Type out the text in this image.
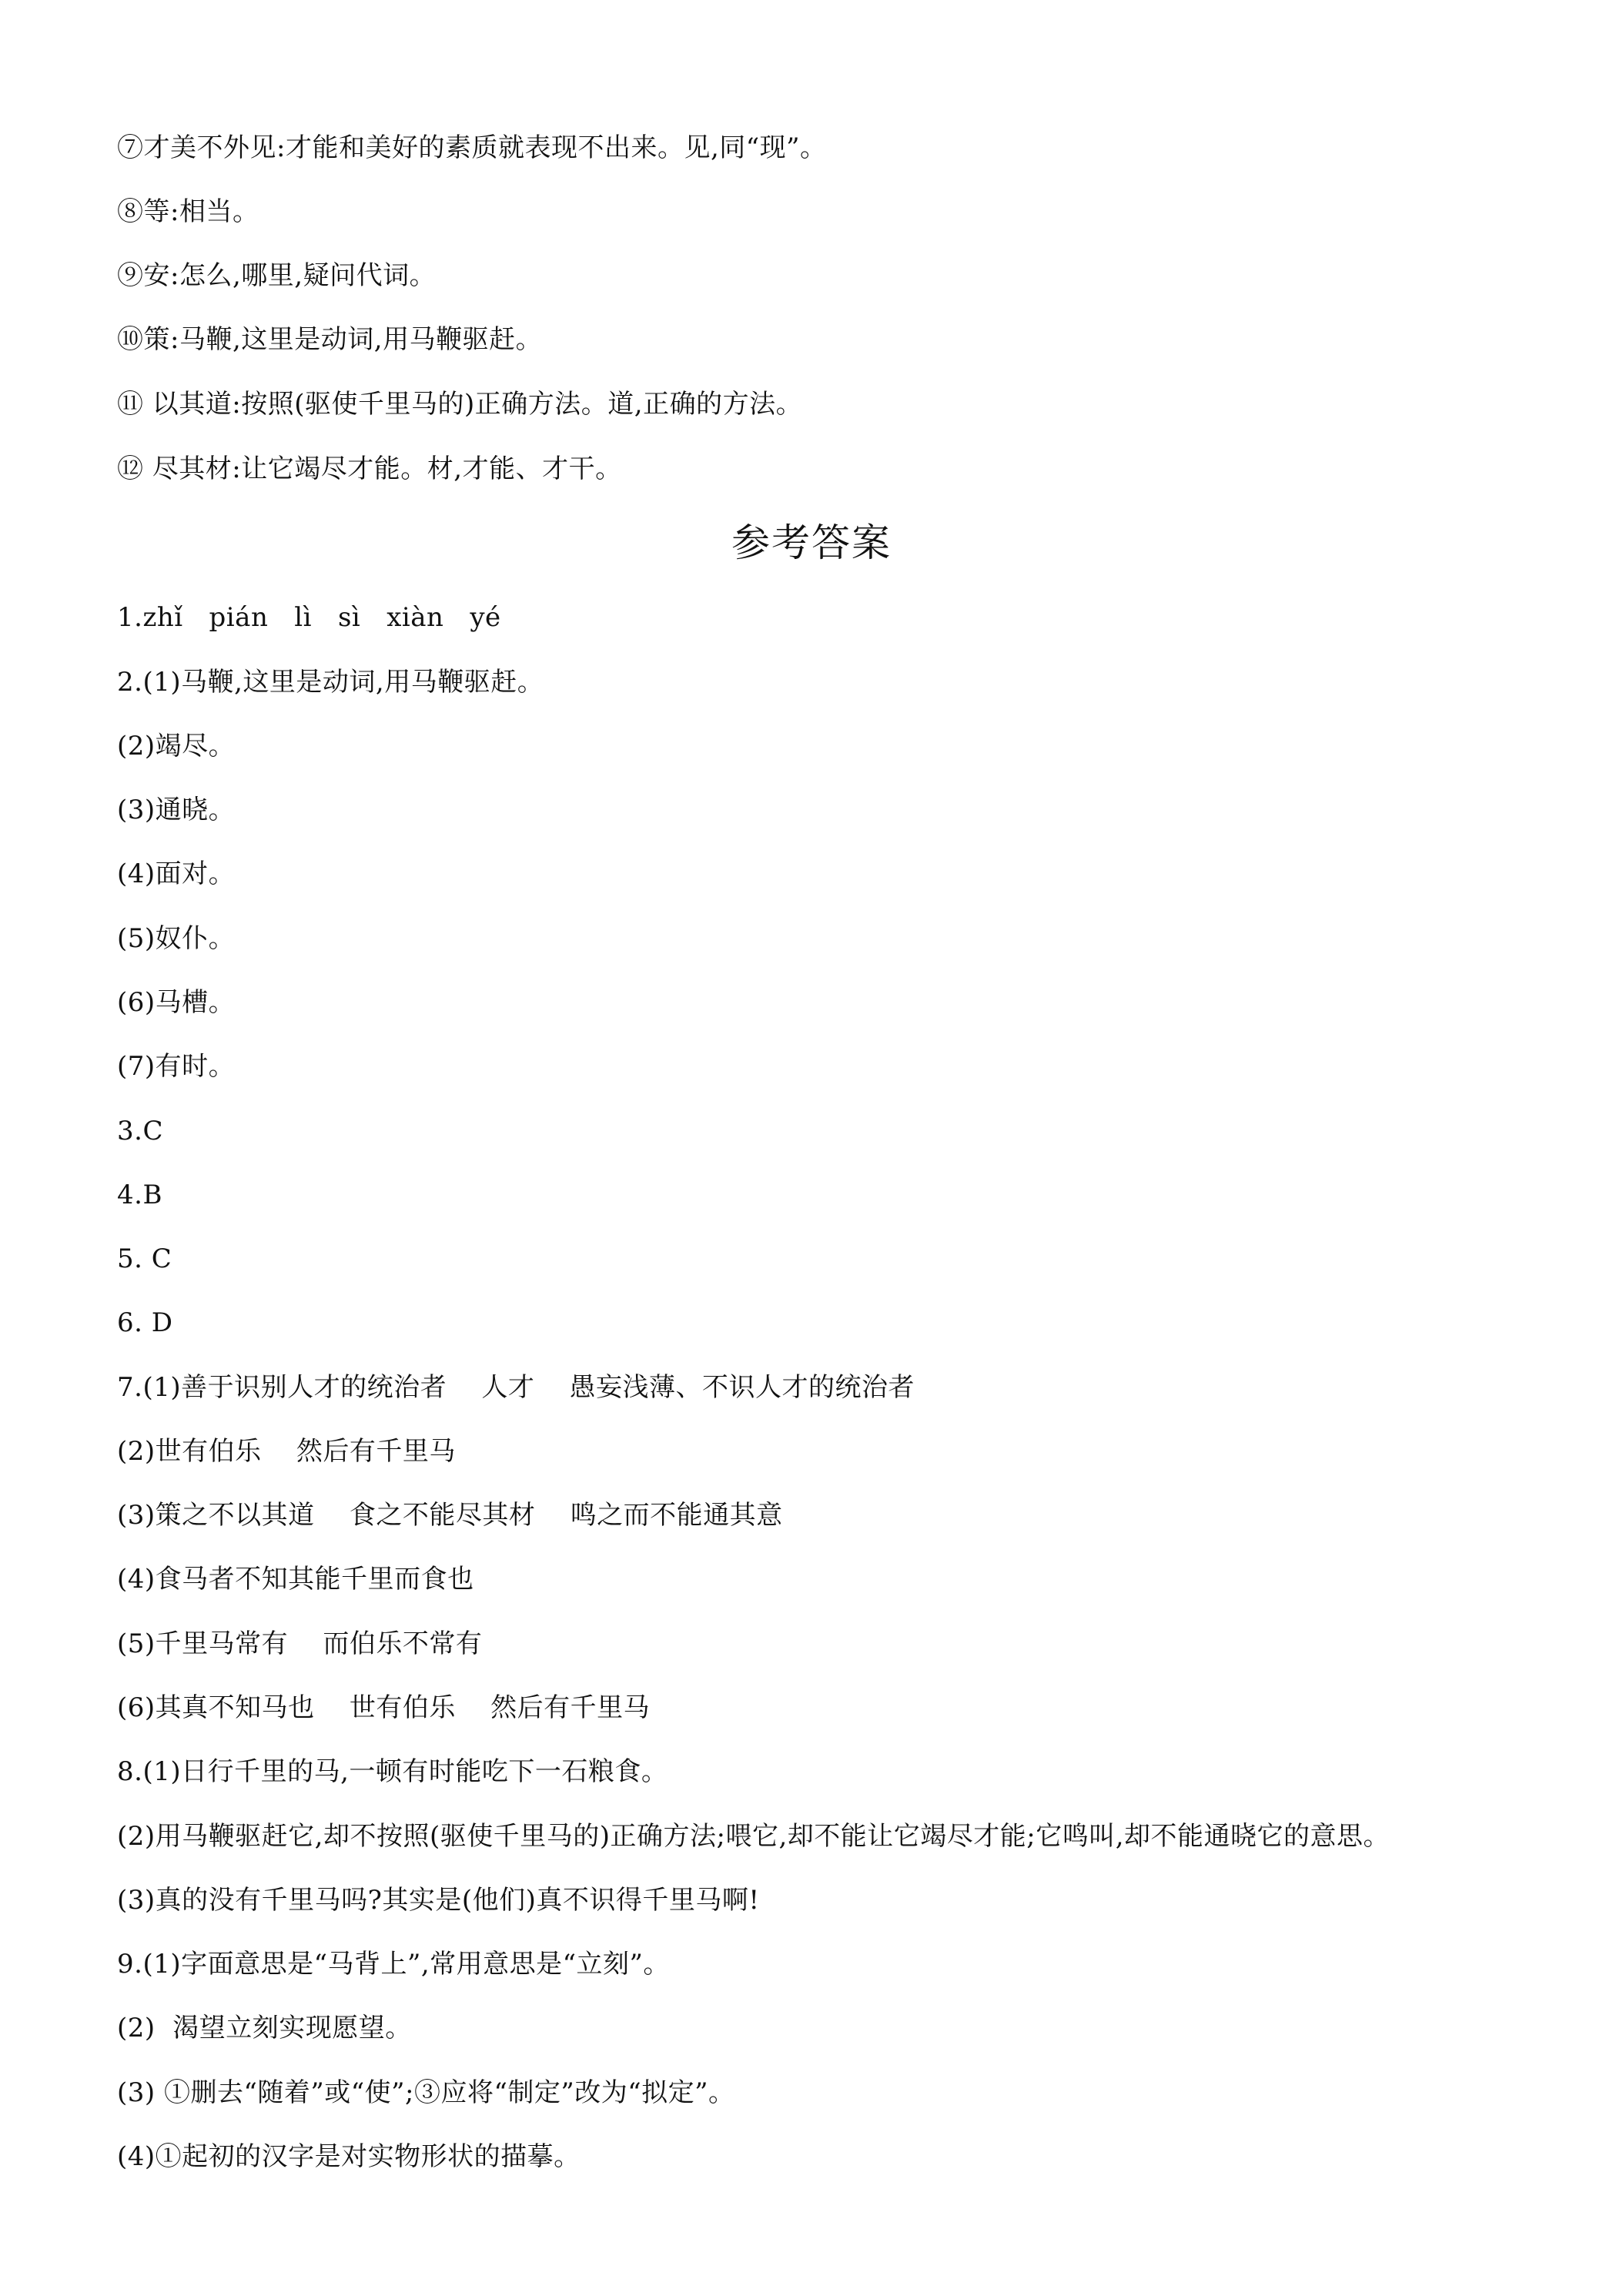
⑦才美不外见:才能和美好的素质就表现不出来。见,同“现”。
⑧等:相当。
⑨安:怎么,哪里,疑问代词。
⑩策:马鞭,这里是动词,用马鞭驱赶。
⑪ 以其道:按照(驱使千里马的)正确方法。道,正确的方法。
⑫ 尽其材:让它竭尽才能。材,才能、才干。
参考答案
1.zhǐ   pián   lì   sì   xiàn   yé
2.(1)马鞭,这里是动词,用马鞭驱赶。
(2)竭尽。
(3)通晓。
(4)面对。
(5)奴仆。
(6)马槽。
(7)有时。
3.C
4.B
5. C
6. D
7.(1)善于识别人才的统治者    人才    愚妄浅薄、不识人才的统治者
(2)世有伯乐    然后有千里马
(3)策之不以其道    食之不能尽其材    鸣之而不能通其意
(4)食马者不知其能千里而食也
(5)千里马常有    而伯乐不常有
(6)其真不知马也    世有伯乐    然后有千里马
8.(1)日行千里的马,一顿有时能吃下一石粮食。
(2)用马鞭驱赶它,却不按照(驱使千里马的)正确方法;喂它,却不能让它竭尽才能;它鸣叫,却不能通晓它的意思。
(3)真的没有千里马吗?其实是(他们)真不识得千里马啊!
9.(1)字面意思是“马背上”,常用意思是“立刻”。
(2)  渴望立刻实现愿望。
(3) ①删去“随着”或“使”;③应将“制定”改为“拟定”。
(4)①起初的汉字是对实物形状的描摹。
